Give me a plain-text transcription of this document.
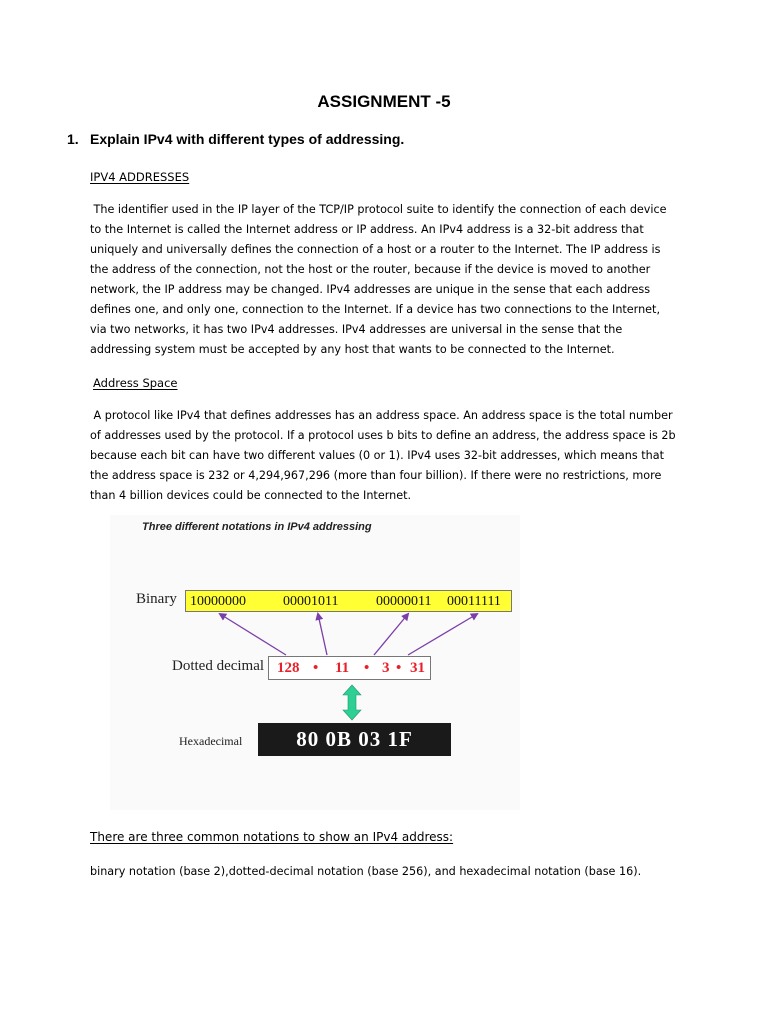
ASSIGNMENT -5
1. Explain IPv4 with different types of addressing.
IPV4 ADDRESSES

The identifier used in the IP layer of the TCP/IP protocol suite to identify the connection of each device

to the Internet is called the Internet address or IP address. An IPv4 address is a 32-bit address that

uniquely and universally defines the connection of a host or a router to the Internet. The IP address is

the address of the connection, not the host or the router, because if the device is moved to another

network, the IP address may be changed. IPv4 addresses are unique in the sense that each address

defines one, and only one, connection to the Internet. If a device has two connections to the Internet,

via two networks, it has two IPv4 addresses. IPv4 addresses are universal in the sense that the

addressing system must be accepted by any host that wants to be connected to the Internet.

Address Space

A protocol like IPv4 that defines addresses has an address space. An address space is the total number

of addresses used by the protocol. If a protocol uses b bits to define an address, the address space is 2b

because each bit can have two different values (0 or 1). IPv4 uses 32-bit addresses, which means that

the address space is 232 or 4,294,967,296 (more than four billion). If there were no restrictions, more

than 4 billion devices could be connected to the Internet.

Three different notations in IPv4 addressing
Binary 10000000	00001011	00000011 00011111
Dotted decimal 128 • 11 • 3 • 31
Hexadecimal	80 0B 03 1F
There are three common notations to show an IPv4 address:

binary notation (base 2),dotted-decimal notation (base 256), and hexadecimal notation (base 16).
